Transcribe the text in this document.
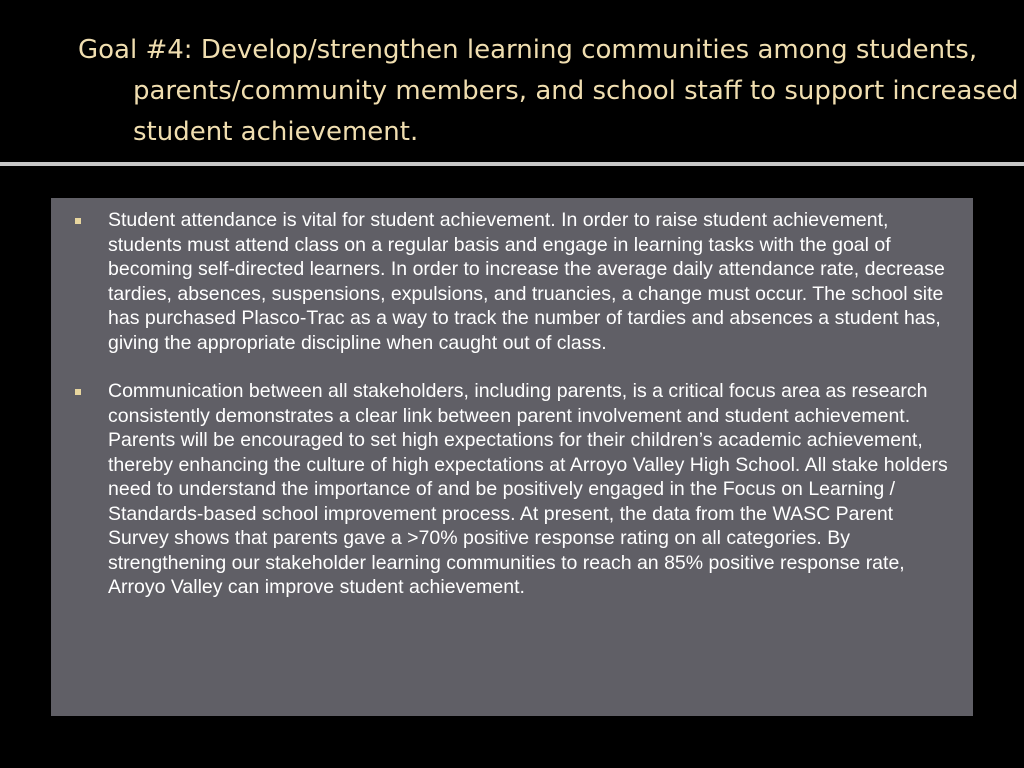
Goal #4: Develop/strengthen learning communities among students, parents/community members, and school staff to support increased student achievement.
Student attendance is vital for student achievement. In order to raise student achievement, students must attend class on a regular basis and engage in learning tasks with the goal of becoming self-directed learners. In order to increase the average daily attendance rate, decrease tardies, absences, suspensions, expulsions, and truancies, a change must occur. The school site has purchased Plasco-Trac as a way to track the number of tardies and absences a student has, giving the appropriate discipline when caught out of class.
Communication between all stakeholders, including parents, is a critical focus area as research consistently demonstrates a clear link between parent involvement and student achievement. Parents will be encouraged to set high expectations for their children’s academic achievement, thereby enhancing the culture of high expectations at Arroyo Valley High School. All stake holders need to understand the importance of and be positively engaged in the Focus on Learning / Standards-based school improvement process. At present, the data from the WASC Parent Survey shows that parents gave a >70% positive response rating on all categories. By strengthening our stakeholder learning communities to reach an 85% positive response rate, Arroyo Valley can improve student achievement.
